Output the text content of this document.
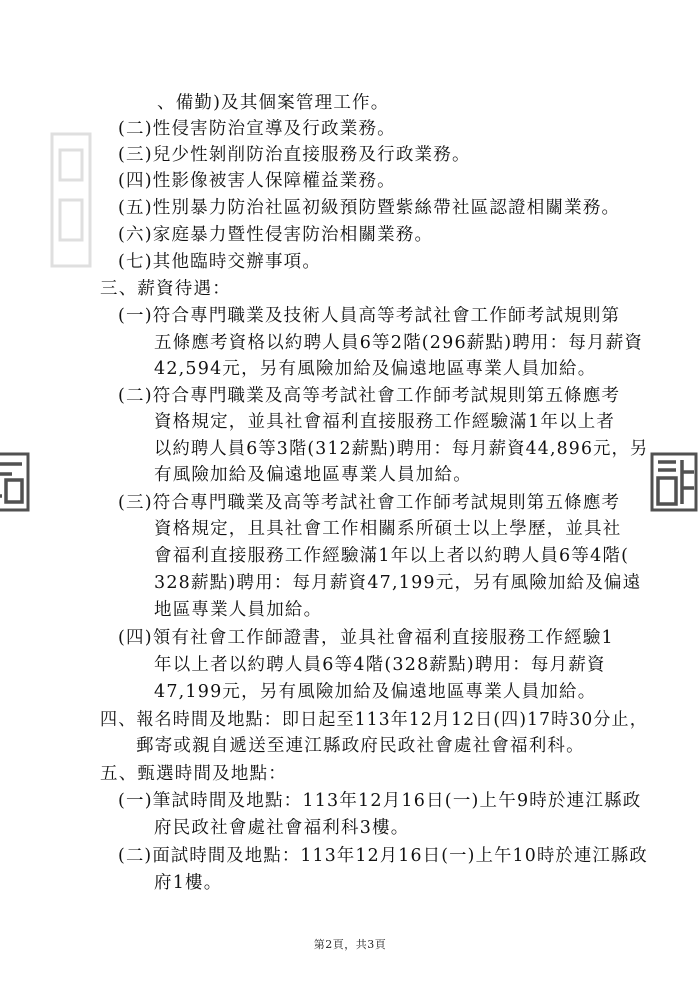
、備勤)及其個案管理工作。
(二)性侵害防治宣導及行政業務。
(三)兒少性剝削防治直接服務及行政業務。
(四)性影像被害人保障權益業務。
(五)性別暴力防治社區初級預防暨紫絲帶社區認證相關業務。
(六)家庭暴力暨性侵害防治相關業務。
(七)其他臨時交辦事項。
三、薪資待遇：
(一)符合專門職業及技術人員高等考試社會工作師考試規則第
五條應考資格以約聘人員6等2階(296薪點)聘用：每月薪資
42,594元，另有風險加給及偏遠地區專業人員加給。
(二)符合專門職業及高等考試社會工作師考試規則第五條應考
資格規定，並具社會福利直接服務工作經驗滿1年以上者
以約聘人員6等3階(312薪點)聘用：每月薪資44,896元，另
有風險加給及偏遠地區專業人員加給。
(三)符合專門職業及高等考試社會工作師考試規則第五條應考
資格規定，且具社會工作相關系所碩士以上學歷，並具社
會福利直接服務工作經驗滿1年以上者以約聘人員6等4階(
328薪點)聘用：每月薪資47,199元，另有風險加給及偏遠
地區專業人員加給。
(四)領有社會工作師證書，並具社會福利直接服務工作經驗1
年以上者以約聘人員6等4階(328薪點)聘用：每月薪資
47,199元，另有風險加給及偏遠地區專業人員加給。
四、報名時間及地點：即日起至113年12月12日(四)17時30分止，
郵寄或親自遞送至連江縣政府民政社會處社會福利科。
五、甄選時間及地點：
(一)筆試時間及地點：113年12月16日(一)上午9時於連江縣政
府民政社會處社會福利科3樓。
(二)面試時間及地點：113年12月16日(一)上午10時於連江縣政
府1樓。
第2頁，共3頁
